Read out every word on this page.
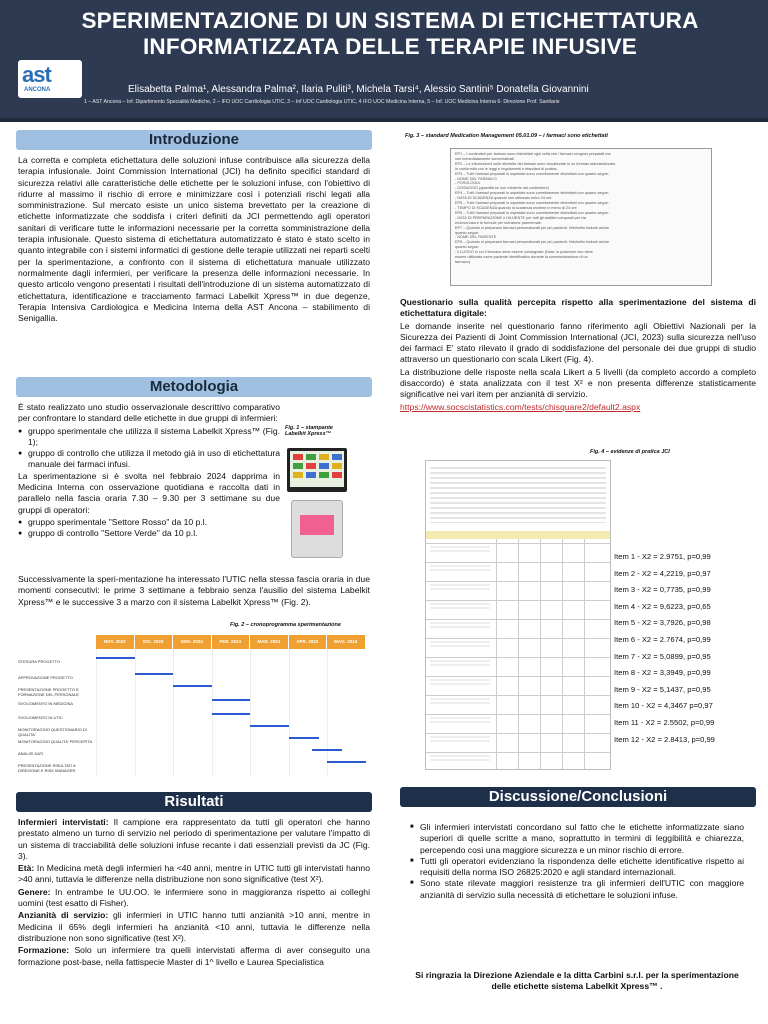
SPERIMENTAZIONE DI UN SISTEMA DI ETICHETTATURA
INFORMATIZZATA DELLE TERAPIE INFUSIVE
ast
ANCONA	Elisabetta Palma¹, Alessandra Palma², Ilaria Puliti³, Michela Tarsi⁴, Alessio Santini⁵ Donatella Giovannini
1 – AST Ancona – Inf. Dipartimento Specialità Mediche, 2 – IFO UOC Cardiologia UTIC, 3 – Inf UOC Cardiologia UTIC, 4 IFO UOC Medicina Interna, 5 – Inf. UOC Medicina Interna 6- Direzione Prof. Sanitarie
Introduzione
La corretta e completa etichettatura delle soluzioni infuse contribuisce alla sicurezza della terapia infusionale. Joint Commission International (JCI) ha definito specifici standard di sicurezza relativi alle caratteristiche delle etichette per le soluzioni infuse, con l'obiettivo di ridurre al massimo il rischio di errore e minimizzare così i potenziali rischi legati alla somministrazione. Sul mercato esiste un unico sistema brevettato per la creazione di etichette informatizzate che soddisfa i criteri definiti da JCI permettendo agli operatori sanitari di verificare tutte le informazioni necessarie per la corretta somministrazione della terapia infusionale. Questo sistema di etichettatura automatizzato è stato è stato scelto in quanto integrabile con i sistemi informatici di gestione delle terapie utilizzati nei reparti scelti per la sperimentazione, a confronto con il sistema di etichettatura manuale utilizzato normalmente dagli infermieri, per verificare la presenza delle informazioni necessarie. In questo articolo vengono presentati i risultati dell'introduzione di un sistema automatizzato di etichettatura, identificazione e tracciamento farmaci Labelkit Xpress™ in due degenze, Terapia Intensiva Cardiologica e Medicina Interna della AST Ancona – stabilimento di Senigallia.
Metodologia

È stato realizzato uno studio osservazionale descrittivo comparativo per confrontare lo standard delle etichette in due gruppi di infermieri:

● gruppo sperimentale che utilizza il sistema Labelkit Xpress™ (Fig. 1);
● gruppo di controllo che utilizza il metodo già in uso di etichettatura manuale dei farmaci infusi.

La sperimentazione si è svolta nel febbraio 2024 dapprima in Medicina Interna con osservazione quotidiana e raccolta dati in parallelo nella fascia oraria 7.30 – 9.30 per 3 settimane su due gruppi di operatori:

● gruppo sperimentale "Settore Rosso" da 10 p.l.
● gruppo di controllo "Settore Verde" da 10 p.l.
Successivamente la speri-mentazione ha interessato l'UTIC nella stessa fascia oraria in due momenti consecutivi: le prime 3 settimane a febbraio senza l'ausilio del sistema Labelkit Xpress™ e le successive 3 a marzo con il sistema Labelkit Xpress™ (Fig. 2).
Fig. 1 – stampante
Labelkit Xpress™
Fig. 2 – cronoprogramma sperimentazione
NOV. 2023	DIC. 2023	GEN. 2024	FEB. 2024	MAR. 2024	APR. 2024	MAG. 2024
STESURA PROGETTO
APPROVAZIONE PROGETTO
PRESENTAZIONE PROGETTO E FORMAZIONE DEL PERSONALE
SVOLGIMENTO IN MEDICINA
SVOLGIMENTO IN UTIC
MONITORAGGIO QUESTIONARIO DI QUALITA'
MONITORAGGIO QUALITA' PERCEPITA
ANALISI DATI
PRESENTAZIONE RISULTATI A DIREZIONE E RISK MANAGER
Fig. 3 – standard Medication Management 05.01.09 – i farmaci sono etichettati
EP1 – I contenitori per farmaci sono etichettati ogni volta che i farmaci vengono preparati ma
non immediatamente somministrati.
EP2 – Le informazioni sulle etichette dei farmaci sono visualizzate in un formato standardizzato,
in conformità con le leggi e regolamenti e standard di pratica.
EP3 – Tutti i farmaci preparati in ospedale sono correttamente etichettati con quanto segue:
- NOME DEL FARMACO
- POSOLOGIA
- DOSAGGIO (quantità se non evidente dal contenitore)
EP4 – Tutti i farmaci preparati in ospedale sono correttamente etichettati con quanto segue:
- DATA DI SCADENZA quando non utilizzato entro 24 ore
EP5 – Tutti i farmaci preparati in ospedale sono correttamente etichettati con quanto segue:
- TEMPO DI SCADENZA quando la scadenza avviene in meno di 24 ore
EP6 – Tutti i farmaci preparati in ospedale sono correttamente etichettati con quanto segue:
- DATA DI PREPARAZIONE e DILUENTE per tutti gli additivi compositi per via
endovenosa e le formule per nutrizione parenterale.
EP7 – Quando si preparano farmaci personalizzati per più pazienti, l'etichetta include anche
quanto segue:
- NOME DEL PAZIENTE
EP8 – Quando si preparano farmaci personalizzati per più pazienti, l'etichetta include anche
quanto segue:
- il LUOGO in cui il farmaco deve essere consegnato (Nota: la posizione non deve
essere utilizzata come paziente identificativo durante la somministrazione di un
farmaco).

Questionario sulla qualità percepita rispetto alla sperimentazione del sistema di etichettatura digitale:

Le domande inserite nel questionario fanno riferimento agli Obiettivi Nazionali per la Sicurezza dei Pazienti di Joint Commission International (JCI, 2023) sulla sicurezza nell'uso dei farmaci E' stato rilevato il grado di soddisfazione del personale dei due gruppi di studio attraverso un questionario con scala Likert (Fig. 4).

La distribuzione delle risposte nella scala Likert a 5 livelli (da completo accordo a completo disaccordo) è stata analizzata con il test X² e non presenta differenze statisticamente significative nei vari item per anzianità di servizio.

https://www.socscistatistics.com/tests/chisquare2/default2.aspx

Fig. 4 – evidenze di pratica JCI
Item 1 - X2 = 2.9751, p=0,99
Item 2 - X2 = 4,2219, p=0,97
Item 3 - X2 = 0,7735, p=0,99
Item 4 - X2 = 9,6223, p=0,65
Item 5 - X2 = 3,7926, p=0,98
Item 6 - X2 = 2.7674, p=0,99
Item 7 - X2 = 5,0899, p=0,95
Item 8 - X2 = 3,3949, p=0,99
Item 9 - X2 = 5,1437, p=0,95
Item 10 - X2 = 4,3467 p=0,97
Item 11 - X2 = 2.5502, p=0,99
Item 12 - X2 = 2.8413, p=0,99
Risultati

Infermieri intervistati: Il campione era rappresentato da tutti gli operatori che hanno prestato almeno un turno di servizio nel periodo di sperimentazione per valutare l'impatto di un sistema di tracciabilità delle soluzioni infuse recante i dati essenziali previsti da JC (Fig. 3).

Età: In Medicina metà degli infermieri ha <40 anni, mentre in UTIC tutti gli intervistati hanno >40 anni, tuttavia le differenze nella distribuzione non sono significative (test X²).

Genere: In entrambe le UU.OO. le infermiere sono in maggioranza rispetto ai colleghi uomini (test esatto di Fisher).

Anzianità di servizio: gli infermieri in UTIC hanno tutti anzianità >10 anni, mentre in Medicina il 65% degli infermieri ha anzianità <10 anni, tuttavia le differenze nella distribuzione non sono significative (test X²).

Formazione: Solo un infermiere tra quelli intervistati afferma di aver conseguito una formazione post-base, nella fattispecie Master di 1^ livello e Laurea Specialistica

Discussione/Conclusioni
■ Gli infermieri intervistati concordano sul fatto che le etichette informatizzate siano superiori di quelle scritte a mano, soprattutto in termini di leggibilità e chiarezza, percependo così una maggiore sicurezza e un minor rischio di errore.
■ Tutti gli operatori evidenziano la rispondenza delle etichette identificative rispetto ai requisiti della norma ISO 26825:2020 e agli standard internazionali.
■ Sono state rilevate maggiori resistenze tra gli infermieri dell'UTIC con maggiore anzianità di servizio sulla necessità di etichettare le soluzioni infuse.
Si ringrazia la Direzione Aziendale e la ditta Carbini s.r.l. per la sperimentazione delle etichette sistema Labelkit Xpress™ .
